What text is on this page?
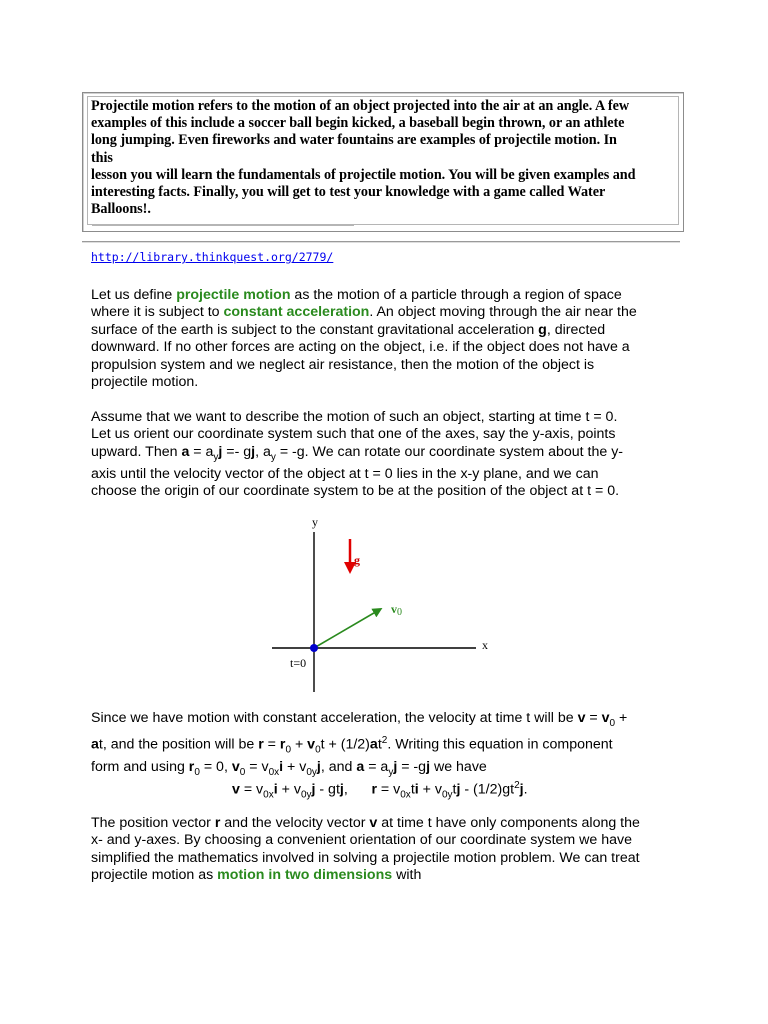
Projectile motion refers to the motion of an object projected into the air at an angle. A few
examples of this include a soccer ball begin kicked, a baseball begin thrown, or an athlete
long jumping. Even fireworks and water fountains are examples of projectile motion. In
this
lesson you will learn the fundamentals of projectile motion. You will be given examples and
interesting facts. Finally, you will get to test your knowledge with a game called Water
Balloons!.
http://library.thinkquest.org/2779/
Let us define projectile motion as the motion of a particle through a region of space
where it is subject to constant acceleration. An object moving through the air near the
surface of the earth is subject to the constant gravitational acceleration g, directed
downward. If no other forces are acting on the object, i.e. if the object does not have a
propulsion system and we neglect air resistance, then the motion of the object is
projectile motion.
Assume that we want to describe the motion of such an object, starting at time t = 0.
Let us orient our coordinate system such that one of the axes, say the y-axis, points
upward. Then $a = a_yj$ =- gj, $a_y = -g$. We can rotate our coordinate system about the y-
axis until the velocity vector of the object at t = 0 lies in the x-y plane, and we can
choose the origin of our coordinate system to be at the position of the object at t = 0.
y
x
g
v0
t=0
Since we have motion with constant acceleration, the velocity at time t will be $v = v_0$ +
at, and the position will be $r = r_0 + v_0t + (1/2)at^2$. Writing this equation in component
form and using $r_0 = 0$, $v_0 = v_{0x}i + v_{0y}j$, and $a = a_yj = -gj$ we have
$v = v_{0x}i + v_{0y}j$ - gtj,      $r = v_{0x}ti + v_{0y}tj - (1/2)gt^2j$.
The position vector r and the velocity vector v at time t have only components along the
x- and y-axes. By choosing a convenient orientation of our coordinate system we have
simplified the mathematics involved in solving a projectile motion problem. We can treat
projectile motion as motion in two dimensions with
